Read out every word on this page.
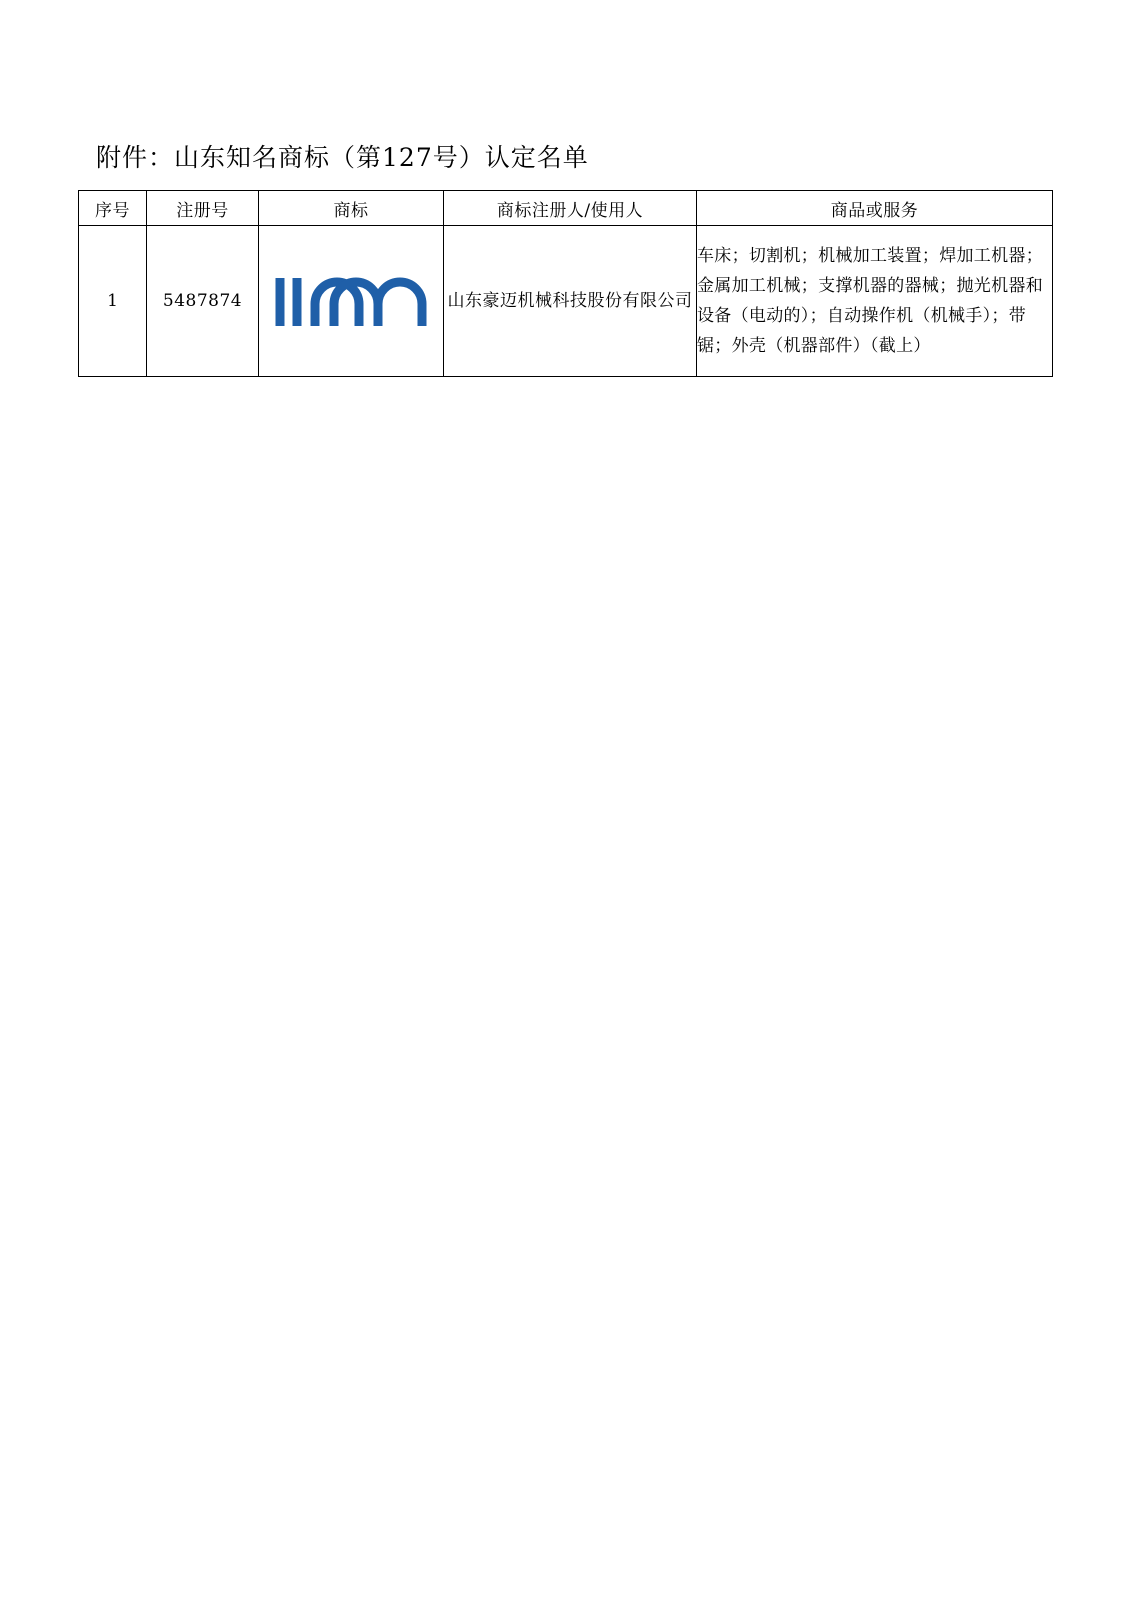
附件：山东知名商标（第127号）认定名单
序号	注册号	商标	商标注册人/使用人	商品或服务
1	5487874		山东豪迈机械科技股份有限公司	车床；切割机；机械加工装置；焊加工机器；金属加工机械；支撑机器的器械；抛光机器和设备（电动的）；自动操作机（机械手）；带锯；外壳（机器部件）（截上）
